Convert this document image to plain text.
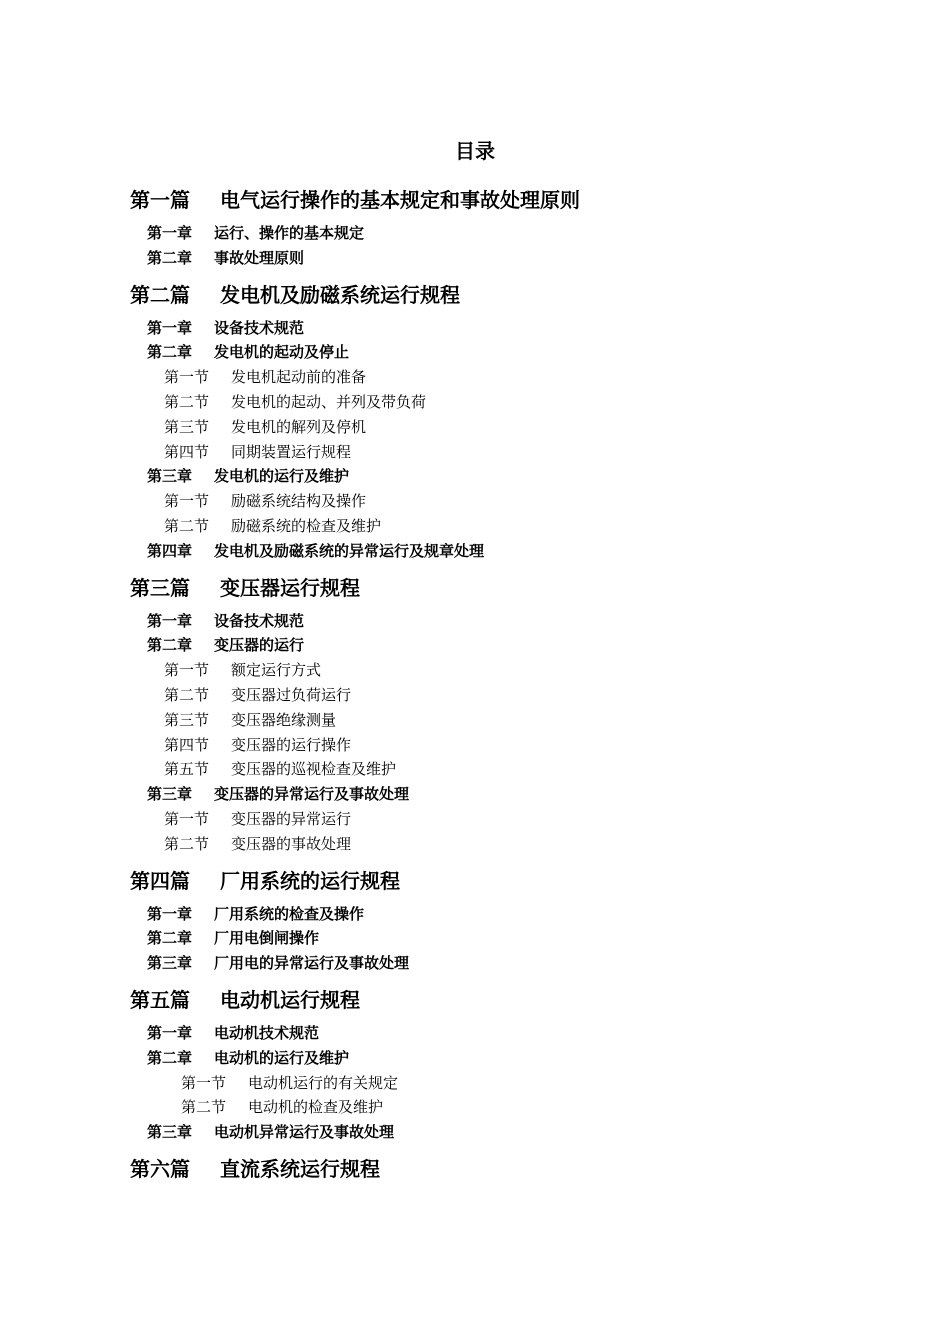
目录
第一篇 电气运行操作的基本规定和事故处理原则
第一章 运行、操作的基本规定
第二章 事故处理原则
第二篇 发电机及励磁系统运行规程
第一章 设备技术规范
第二章 发电机的起动及停止
第一节 发电机起动前的准备
第二节 发电机的起动、并列及带负荷
第三节 发电机的解列及停机
第四节 同期装置运行规程
第三章 发电机的运行及维护
第一节 励磁系统结构及操作
第二节 励磁系统的检查及维护
第四章 发电机及励磁系统的异常运行及规章处理
第三篇 变压器运行规程
第一章 设备技术规范
第二章 变压器的运行
第一节 额定运行方式
第二节 变压器过负荷运行
第三节 变压器绝缘测量
第四节 变压器的运行操作
第五节 变压器的巡视检查及维护
第三章 变压器的异常运行及事故处理
第一节 变压器的异常运行
第二节 变压器的事故处理
第四篇 厂用系统的运行规程
第一章 厂用系统的检查及操作
第二章 厂用电倒闸操作
第三章 厂用电的异常运行及事故处理
第五篇 电动机运行规程
第一章 电动机技术规范
第二章 电动机的运行及维护
第一节 电动机运行的有关规定
第二节 电动机的检查及维护
第三章 电动机异常运行及事故处理
第六篇 直流系统运行规程
